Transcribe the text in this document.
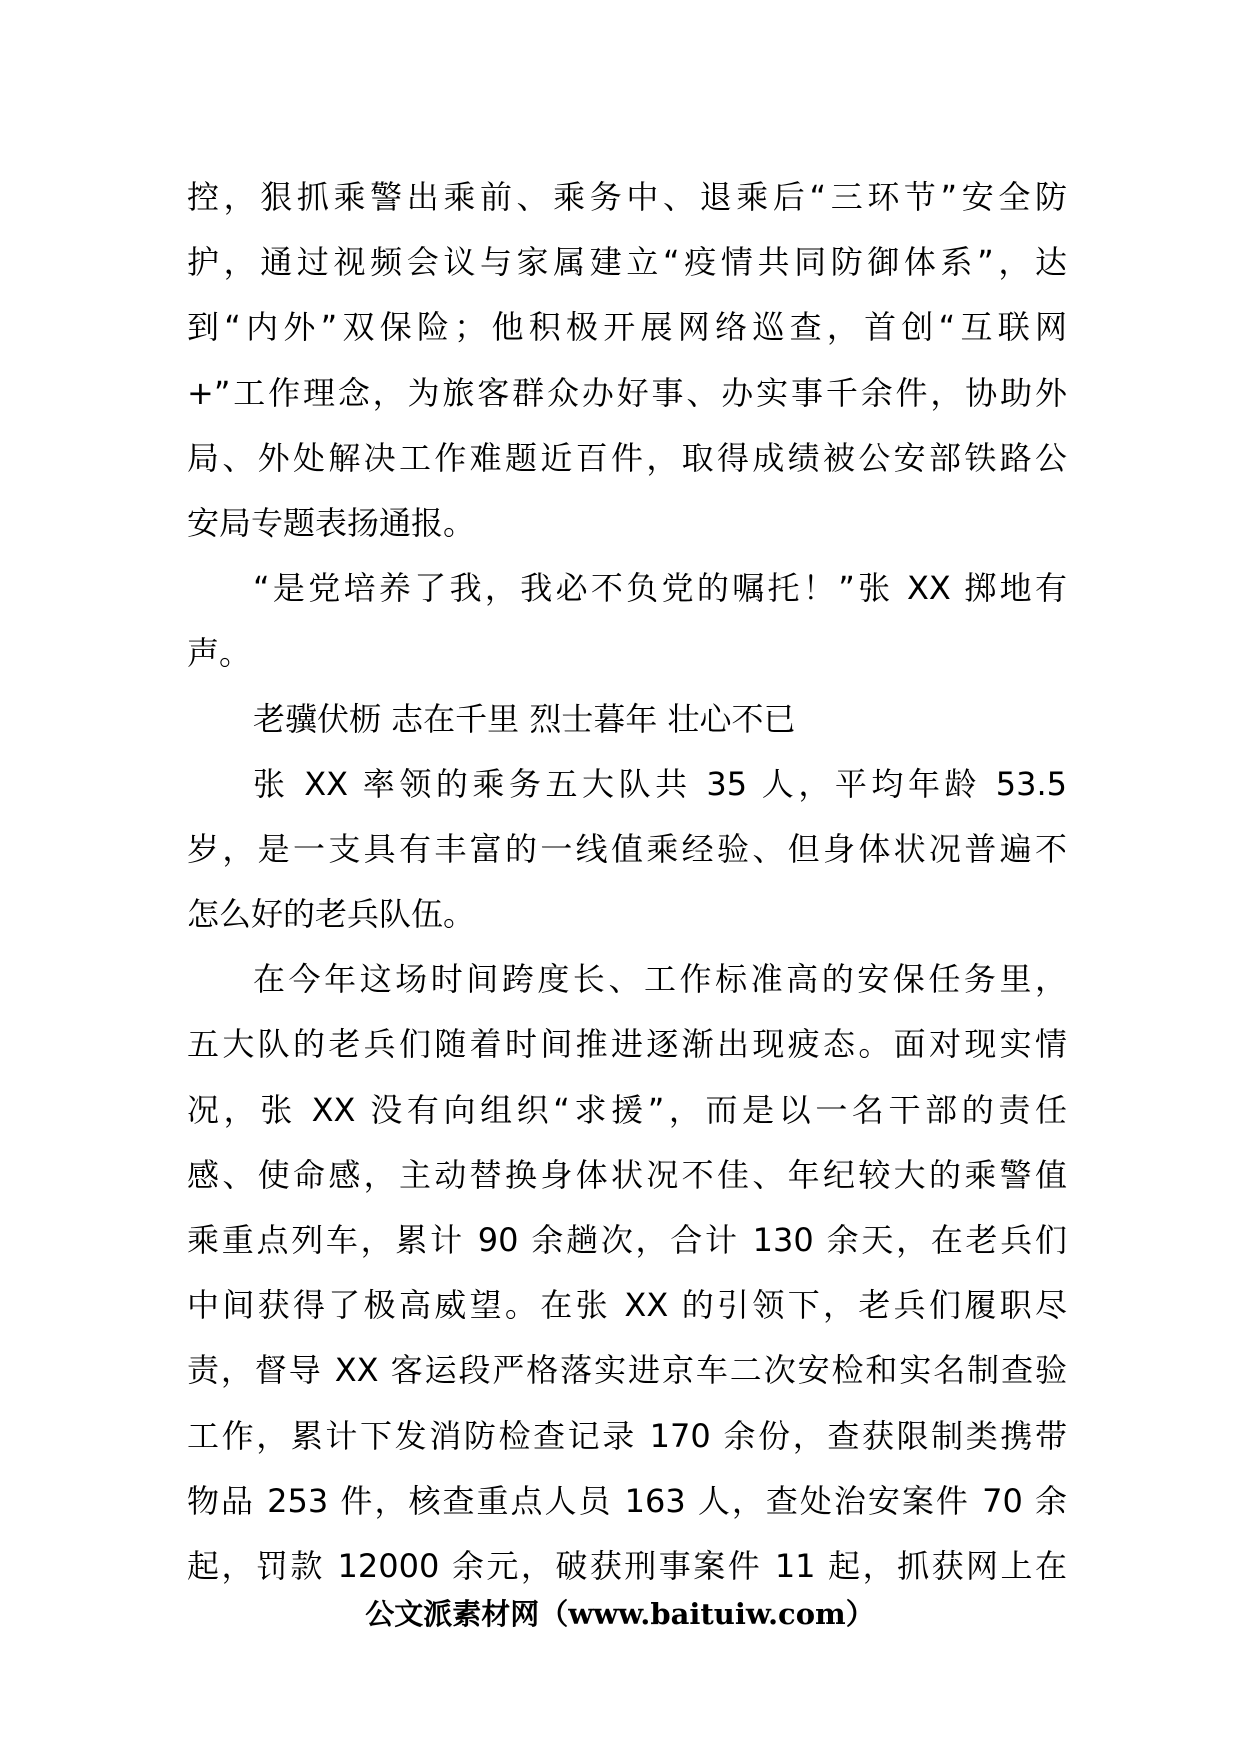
控，狠抓乘警出乘前、乘务中、退乘后“三环节”安全防
护，通过视频会议与家属建立“疫情共同防御体系”，达
到“内外”双保险；他积极开展网络巡查，首创“互联网
+”工作理念，为旅客群众办好事、办实事千余件，协助外
局、外处解决工作难题近百件，取得成绩被公安部铁路公
安局专题表扬通报。
“是党培养了我，我必不负党的嘱托！”张 XX 掷地有
声。
老骥伏枥 志在千里 烈士暮年 壮心不已
张 XX 率领的乘务五大队共 35 人，平均年龄 53.5
岁，是一支具有丰富的一线值乘经验、但身体状况普遍不
怎么好的老兵队伍。
在今年这场时间跨度长、工作标准高的安保任务里，
五大队的老兵们随着时间推进逐渐出现疲态。面对现实情
况，张 XX 没有向组织“求援”，而是以一名干部的责任
感、使命感，主动替换身体状况不佳、年纪较大的乘警值
乘重点列车，累计 90 余趟次，合计 130 余天，在老兵们
中间获得了极高威望。在张 XX 的引领下，老兵们履职尽
责，督导 XX 客运段严格落实进京车二次安检和实名制查验
工作，累计下发消防检查记录 170 余份，查获限制类携带
物品 253 件，核查重点人员 163 人，查处治安案件 70 余
起，罚款 12000 余元，破获刑事案件 11 起，抓获网上在
公文派素材网（www.baituiw.com）
